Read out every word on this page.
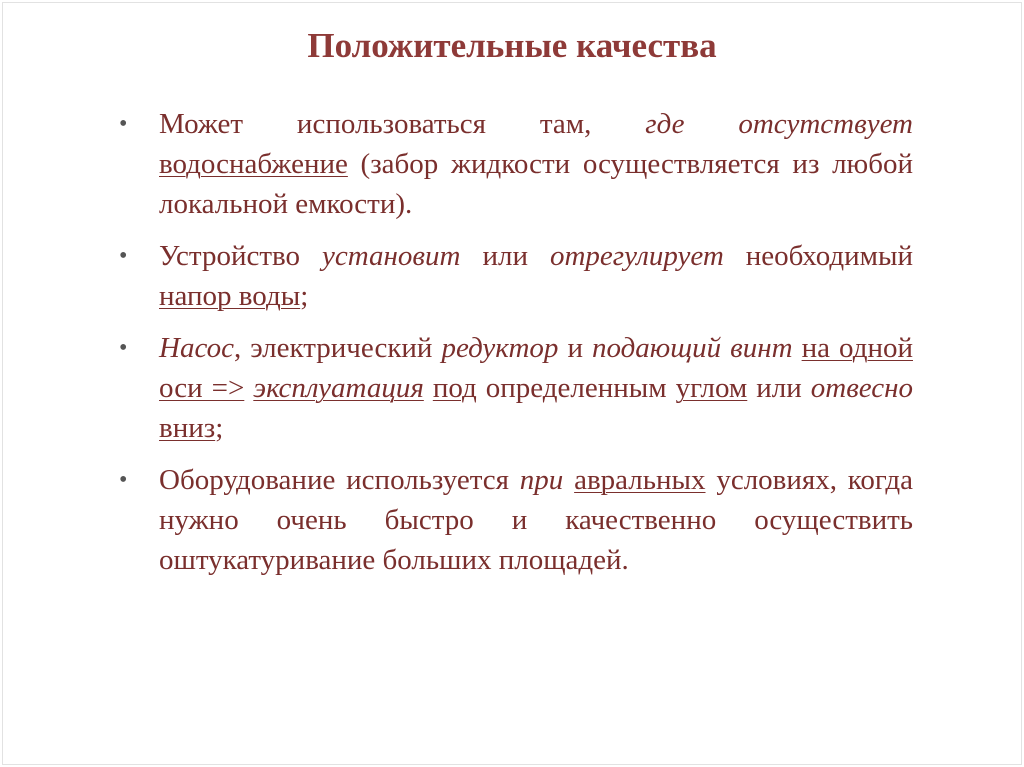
Положительные качества
• Может использоваться там, где отсутствует водоснабжение (забор жидкости осуществляется из любой локальной емкости).
• Устройство установит или отрегулирует необходимый напор воды;
• Насос, электрический редуктор и подающий винт на одной оси => эксплуатация под определенным углом или отвесно вниз;
• Оборудование используется при авральных условиях, когда нужно очень быстро и качественно осуществить оштукатуривание больших площадей.
